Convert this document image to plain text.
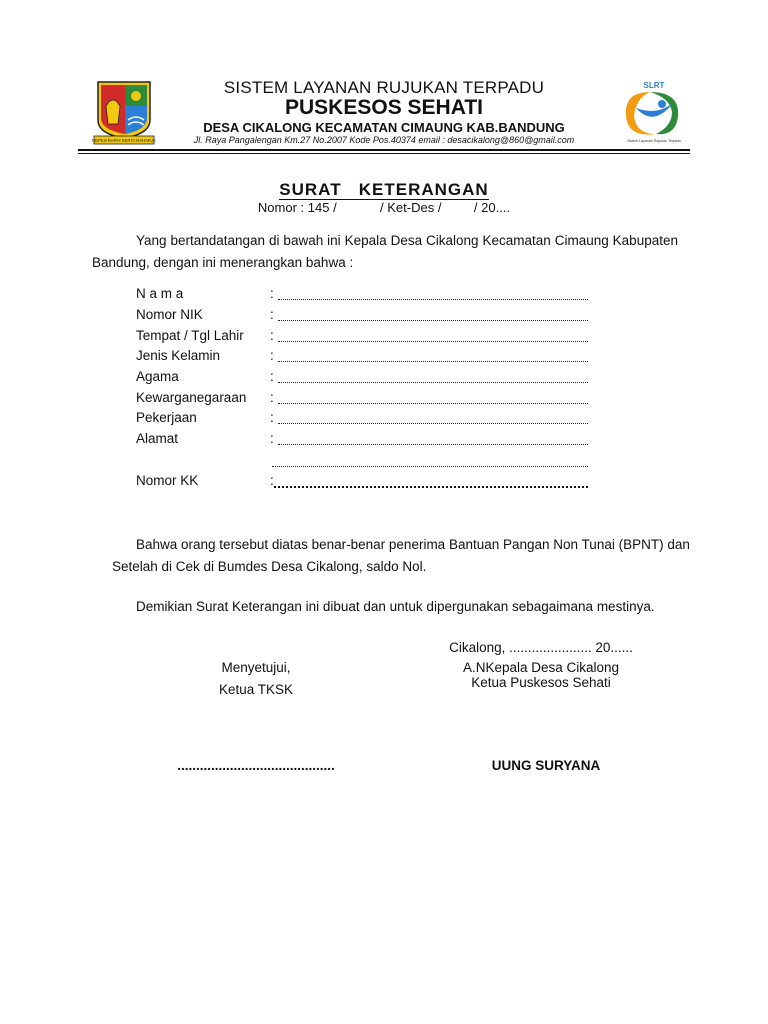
REPEH RAPIH KERTA RAHARJA
SLRT
Sistem Layanan Rujukan Terpadu
SISTEM LAYANAN RUJUKAN TERPADU
PUSKESOS SEHATI
DESA CIKALONG KECAMATAN CIMAUNG KAB.BANDUNG
Jl. Raya Pangalengan Km.27 No.2007 Kode Pos.40374 email : desacikalong@860@gmail.com
SURAT   KETERANGAN
Nomor : 145 /            / Ket-Des /         / 20....
Yang bertandatangan di bawah ini Kepala Desa Cikalong Kecamatan Cimaung Kabupaten Bandung, dengan ini menerangkan bahwa :
N a m a	:
Nomor NIK	:
Tempat / Tgl Lahir :
Jenis Kelamin	:
Agama	:
Kewarganegaraan :
Pekerjaan	:
Alamat	:
Nomor KK	:
Bahwa orang tersebut diatas benar-benar penerima Bantuan Pangan Non Tunai (BPNT) dan Setelah di Cek di Bumdes Desa Cikalong, saldo Nol.
Demikian Surat Keterangan ini dibuat dan untuk dipergunakan sebagaimana mestinya.
Cikalong, ...................... 20......
Menyetujui,
Ketua TKSK
A.NKepala Desa Cikalong
Ketua Puskesos Sehati
..........................................	UUNG SURYANA
